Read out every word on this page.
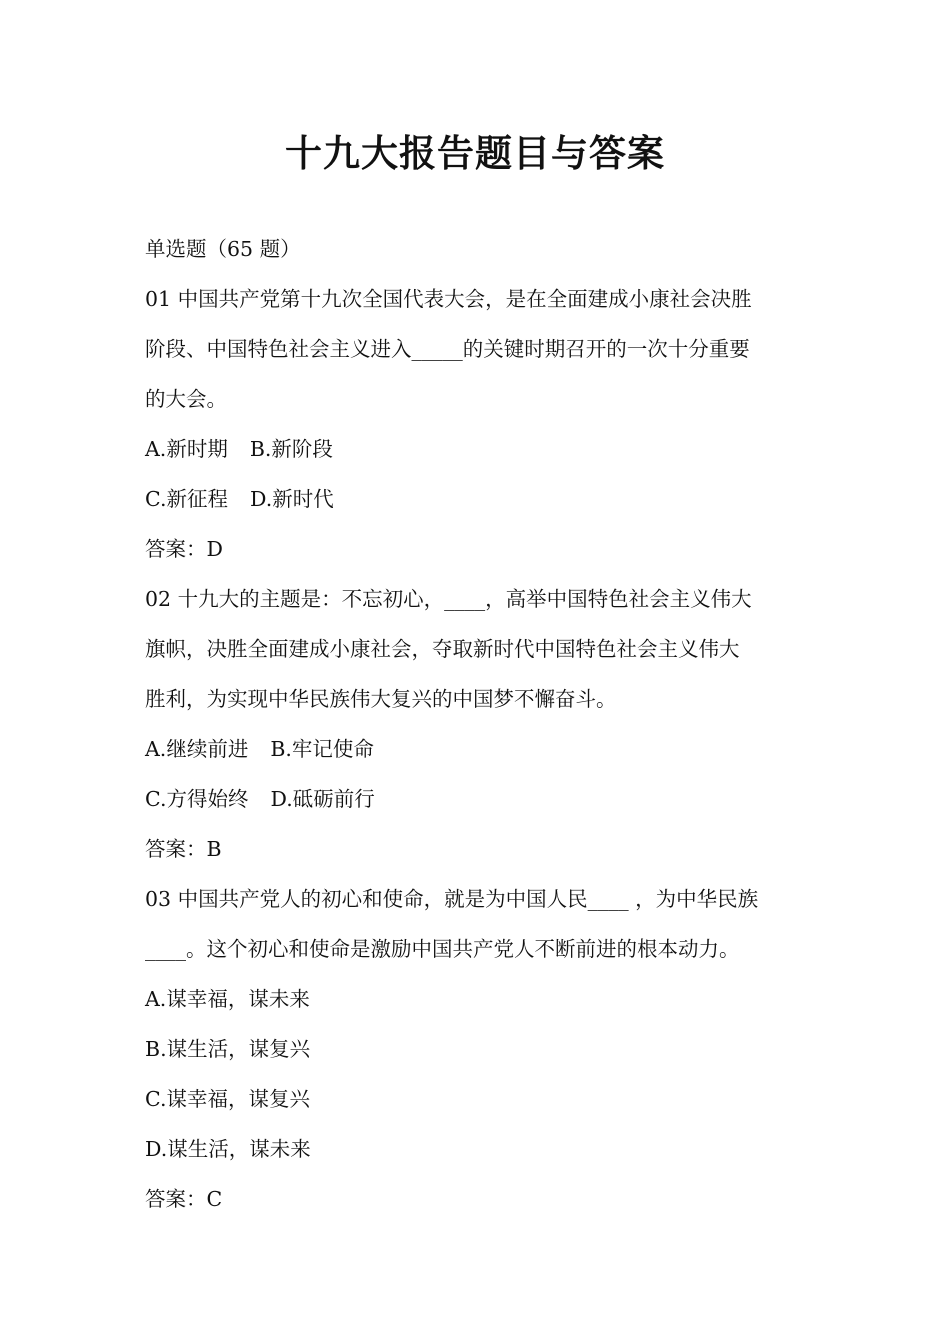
十九大报告题目与答案
单选题（65 题）
01 中国共产党第十九次全国代表大会，是在全面建成小康社会决胜
阶段、中国特色社会主义进入_____的关键时期召开的一次十分重要
的大会。
A.新时期 B.新阶段
C.新征程 D.新时代
答案：D
02 十九大的主题是：不忘初心，____，高举中国特色社会主义伟大
旗帜，决胜全面建成小康社会，夺取新时代中国特色社会主义伟大
胜利，为实现中华民族伟大复兴的中国梦不懈奋斗。
A.继续前进 B.牢记使命
C.方得始终 D.砥砺前行
答案：B
03 中国共产党人的初心和使命，就是为中国人民____ ，为中华民族
____。这个初心和使命是激励中国共产党人不断前进的根本动力。
A.谋幸福，谋未来
B.谋生活，谋复兴
C.谋幸福，谋复兴
D.谋生活，谋未来
答案：C
